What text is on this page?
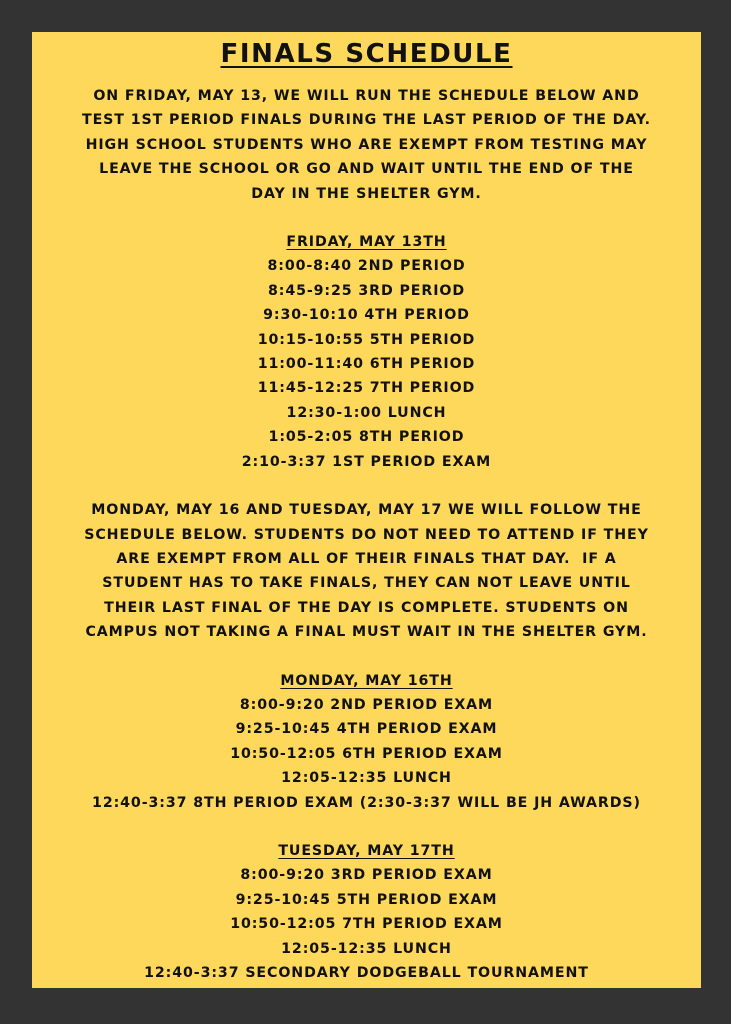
FINALS SCHEDULE

ON FRIDAY, MAY 13, WE WILL RUN THE SCHEDULE BELOW AND

TEST 1ST PERIOD FINALS DURING THE LAST PERIOD OF THE DAY.

HIGH SCHOOL STUDENTS WHO ARE EXEMPT FROM TESTING MAY

LEAVE THE SCHOOL OR GO AND WAIT UNTIL THE END OF THE

DAY IN THE SHELTER GYM.

FRIDAY, MAY 13TH

8:00-8:40 2ND PERIOD

8:45-9:25 3RD PERIOD

9:30-10:10 4TH PERIOD

10:15-10:55 5TH PERIOD

11:00-11:40 6TH PERIOD

11:45-12:25 7TH PERIOD

12:30-1:00 LUNCH

1:05-2:05 8TH PERIOD

2:10-3:37 1ST PERIOD EXAM

MONDAY, MAY 16 AND TUESDAY, MAY 17 WE WILL FOLLOW THE

SCHEDULE BELOW. STUDENTS DO NOT NEED TO ATTEND IF THEY

ARE EXEMPT FROM ALL OF THEIR FINALS THAT DAY.  IF A

STUDENT HAS TO TAKE FINALS, THEY CAN NOT LEAVE UNTIL

THEIR LAST FINAL OF THE DAY IS COMPLETE. STUDENTS ON

CAMPUS NOT TAKING A FINAL MUST WAIT IN THE SHELTER GYM.

MONDAY, MAY 16TH

8:00-9:20 2ND PERIOD EXAM

9:25-10:45 4TH PERIOD EXAM

10:50-12:05 6TH PERIOD EXAM

12:05-12:35 LUNCH

12:40-3:37 8TH PERIOD EXAM (2:30-3:37 WILL BE JH AWARDS)

TUESDAY, MAY 17TH

8:00-9:20 3RD PERIOD EXAM

9:25-10:45 5TH PERIOD EXAM

10:50-12:05 7TH PERIOD EXAM

12:05-12:35 LUNCH

12:40-3:37 SECONDARY DODGEBALL TOURNAMENT
